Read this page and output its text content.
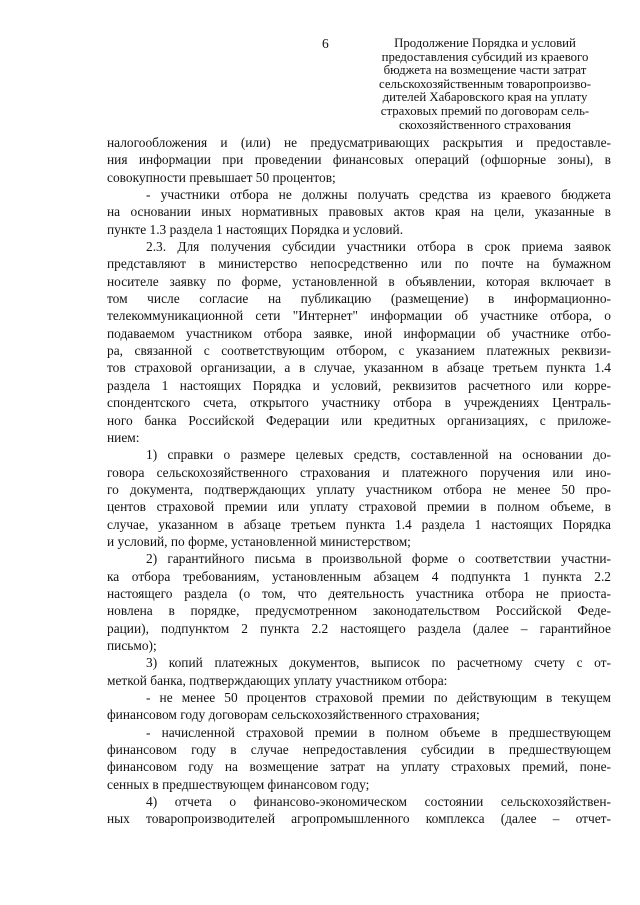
6	Продолжение Порядка и условий
предоставления субсидий из краевого
бюджета на возмещение части затрат
сельскохозяйственным товаропроизво-
дителей Хабаровского края на уплату
страховых премий по договорам сель-
скохозяйственного страхования
налогообложения и (или) не предусматривающих раскрытия и предоставле-
ния информации при проведении финансовых операций (офшорные зоны), в
совокупности превышает 50 процентов;
- участники отбора не должны получать средства из краевого бюджета
на основании иных нормативных правовых актов края на цели, указанные в
пункте 1.3 раздела 1 настоящих Порядка и условий.
2.3. Для получения субсидии участники отбора в срок приема заявок
представляют в министерство непосредственно или по почте на бумажном
носителе заявку по форме, установленной в объявлении, которая включает в
том числе согласие на публикацию (размещение) в информационно-
телекоммуникационной сети "Интернет" информации об участнике отбора, о
подаваемом участником отбора заявке, иной информации об участнике отбо-
ра, связанной с соответствующим отбором, с указанием платежных реквизи-
тов страховой организации, а в случае, указанном в абзаце третьем пункта 1.4
раздела 1 настоящих Порядка и условий, реквизитов расчетного или корре-
спондентского счета, открытого участнику отбора в учреждениях Централь-
ного банка Российской Федерации или кредитных организациях, с приложе-
нием:
1) справки о размере целевых средств, составленной на основании до-
говора сельскохозяйственного страхования и платежного поручения или ино-
го документа, подтверждающих уплату участником отбора не менее 50 про-
центов страховой премии или уплату страховой премии в полном объеме, в
случае, указанном в абзаце третьем пункта 1.4 раздела 1 настоящих Порядка
и условий, по форме, установленной министерством;
2) гарантийного письма в произвольной форме о соответствии участни-
ка отбора требованиям, установленным абзацем 4 подпункта 1 пункта 2.2
настоящего раздела (о том, что деятельность участника отбора не приоста-
новлена в порядке, предусмотренном законодательством Российской Феде-
рации), подпунктом 2 пункта 2.2 настоящего раздела (далее – гарантийное
письмо);
3) копий платежных документов, выписок по расчетному счету с от-
меткой банка, подтверждающих уплату участником отбора:
- не менее 50 процентов страховой премии по действующим в текущем
финансовом году договорам сельскохозяйственного страхования;
- начисленной страховой премии в полном объеме в предшествующем
финансовом году в случае непредоставления субсидии в предшествующем
финансовом году на возмещение затрат на уплату страховых премий, поне-
сенных в предшествующем финансовом году;
4) отчета о финансово-экономическом состоянии сельскохозяйствен-
ных товаропроизводителей агропромышленного комплекса (далее – отчет-
